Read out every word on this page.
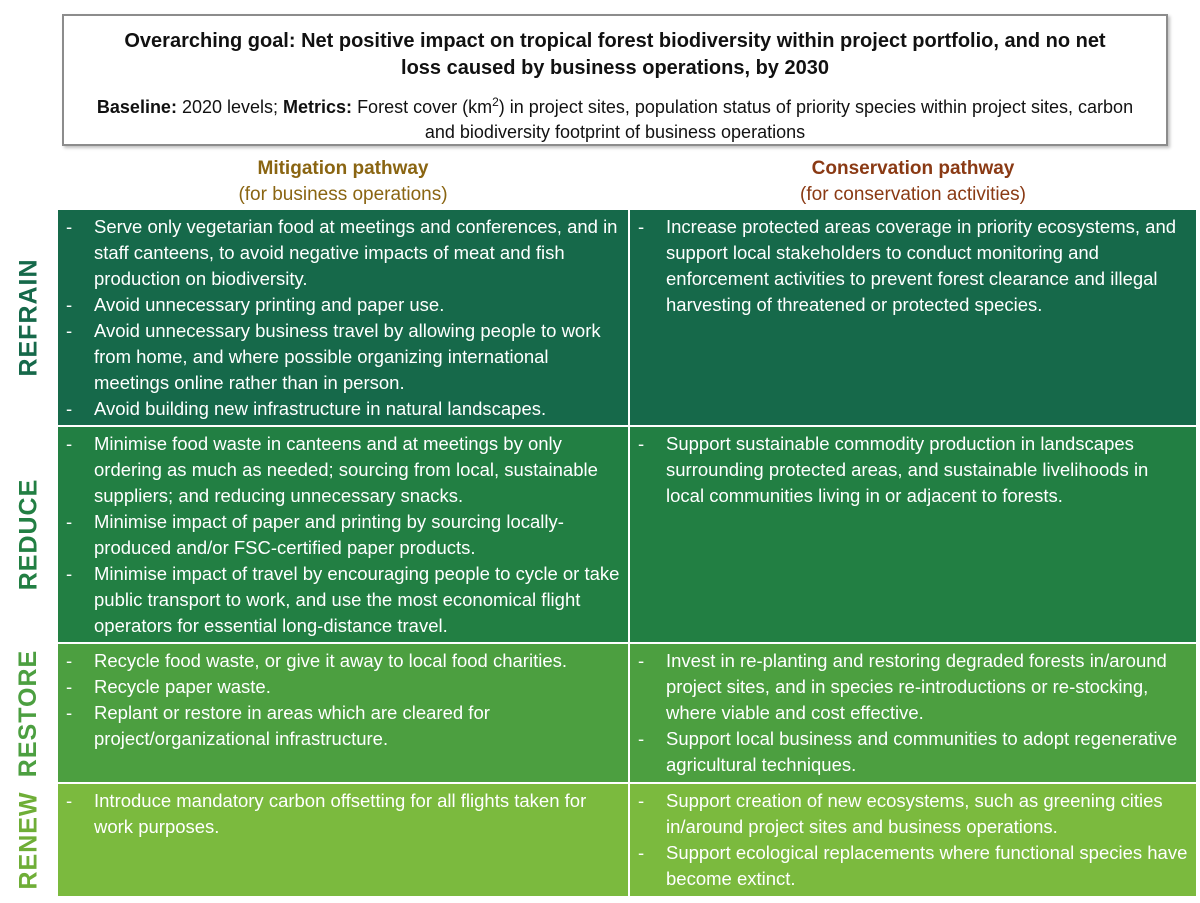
Overarching goal: Net positive impact on tropical forest biodiversity within project portfolio, and no net loss caused by business operations, by 2030
Baseline: 2020 levels; Metrics: Forest cover $(km^2)$ in project sites, population status of priority species within project sites, carbon and biodiversity footprint of business operations
Mitigation pathway
(for business operations)
Conservation pathway
(for conservation activities)
REFRAIN
REDUCE
RESTORE
RENEW
- Serve only vegetarian food at meetings and conferences, and in staff canteens, to avoid negative impacts of meat and fish production on biodiversity.
- Avoid unnecessary printing and paper use.
- Avoid unnecessary business travel by allowing people to work from home, and where possible organizing international meetings online rather than in person.
- Avoid building new infrastructure in natural landscapes.
- Increase protected areas coverage in priority ecosystems, and support local stakeholders to conduct monitoring and enforcement activities to prevent forest clearance and illegal harvesting of threatened or protected species.
- Minimise food waste in canteens and at meetings by only ordering as much as needed; sourcing from local, sustainable suppliers; and reducing unnecessary snacks.
- Minimise impact of paper and printing by sourcing locally-produced and/or FSC-certified paper products.
- Minimise impact of travel by encouraging people to cycle or take public transport to work, and use the most economical flight operators for essential long-distance travel.
- Support sustainable commodity production in landscapes surrounding protected areas, and sustainable livelihoods in local communities living in or adjacent to forests.
- Recycle food waste, or give it away to local food charities.
- Recycle paper waste.
- Replant or restore in areas which are cleared for project/organizational infrastructure.
- Invest in re-planting and restoring degraded forests in/around project sites, and in species re-introductions or re-stocking, where viable and cost effective.
- Support local business and communities to adopt regenerative agricultural techniques.
- Introduce mandatory carbon offsetting for all flights taken for work purposes.
- Support creation of new ecosystems, such as greening cities in/around project sites and business operations.
- Support ecological replacements where functional species have become extinct.
